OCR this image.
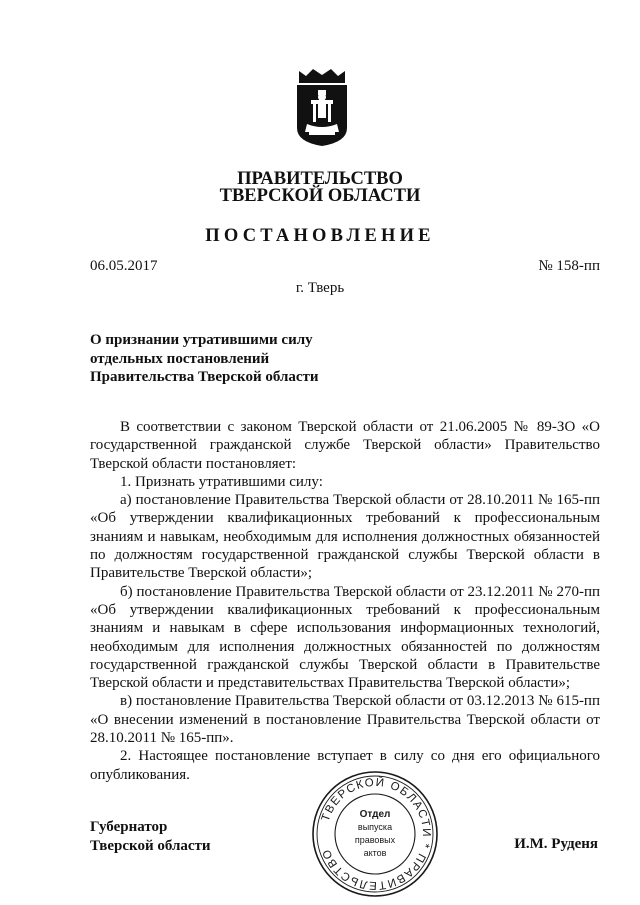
ПРАВИТЕЛЬСТВО
ТВЕРСКОЙ ОБЛАСТИ
ПОСТАНОВЛЕНИЕ
06.05.2017	№ 158-пп
г. Тверь
О признании утратившими силу
отдельных постановлений
Правительства Тверской области

В соответствии с законом Тверской области от 21.06.2005 № 89-ЗО «О государственной гражданской службе Тверской области» Правительство Тверской области постановляет:

1. Признать утратившими силу:

а) постановление Правительства Тверской области от 28.10.2011 № 165-пп «Об утверждении квалификационных требований к профессиональным знаниям и навыкам, необходимым для исполнения должностных обязанностей по должностям государственной гражданской службы Тверской области в Правительстве Тверской области»;

б) постановление Правительства Тверской области от 23.12.2011 № 270-пп «Об утверждении квалификационных требований к профессиональным знаниям и навыкам в сфере использования информационных технологий, необходимым для исполнения должностных обязанностей по должностям государственной гражданской службы Тверской области в Правительстве Тверской области и представительствах Правительства Тверской области»;

в) постановление Правительства Тверской области от 03.12.2013 № 615-пп «О внесении изменений в постановление Правительства Тверской области от 28.10.2011 № 165-пп».

2. Настоящее постановление вступает в силу со дня его официального опубликования.

Губернатор
Тверской области	И.М. Руденя
ТВЕРСКОЙ ОБЛАСТИ * ПРАВИТЕЛЬСТВО
Отдел
выпуска
правовых
актов
